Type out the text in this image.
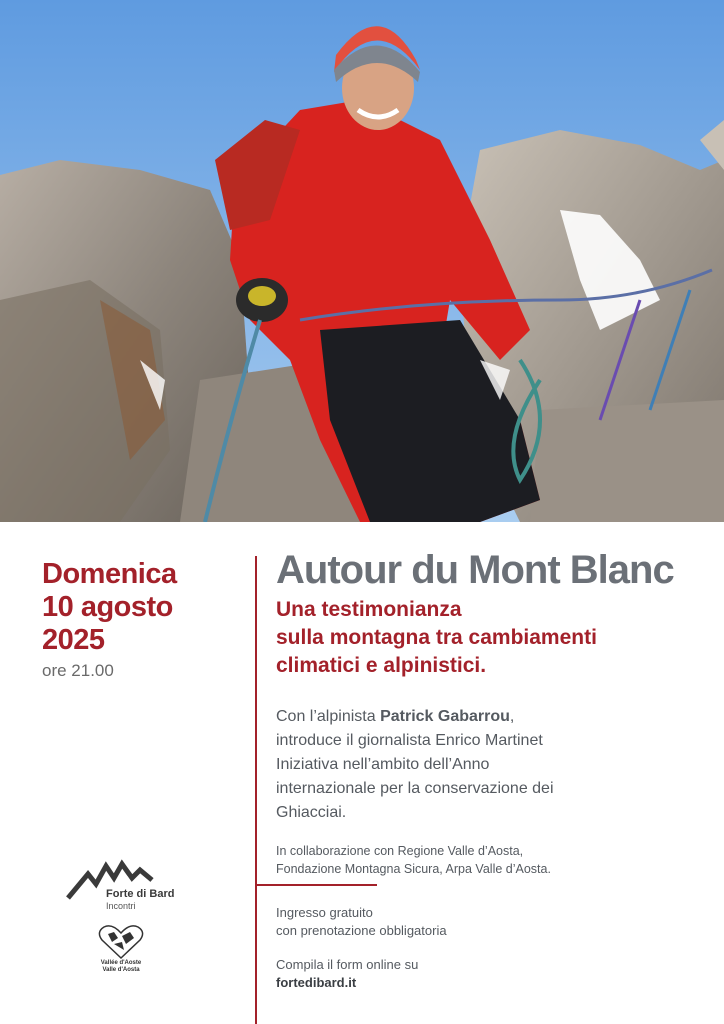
Domenica
10 agosto
2025
ore 21.00
Autour du Mont Blanc
Una testimonianza
sulla montagna tra cambiamenti
climatici e alpinistici.
Con l’alpinista Patrick Gabarrou,
introduce il giornalista Enrico Martinet
Iniziativa nell’ambito dell’Anno
internazionale per la conservazione dei
Ghiacciai.
In collaborazione con Regione Valle d’Aosta,
Fondazione Montagna Sicura, Arpa Valle d’Aosta.
Ingresso gratuito
con prenotazione obbligatoria
Compila il form online su
fortedibard.it
Forte di Bard
Incontri
Vallée d'Aoste
Valle d'Aosta
